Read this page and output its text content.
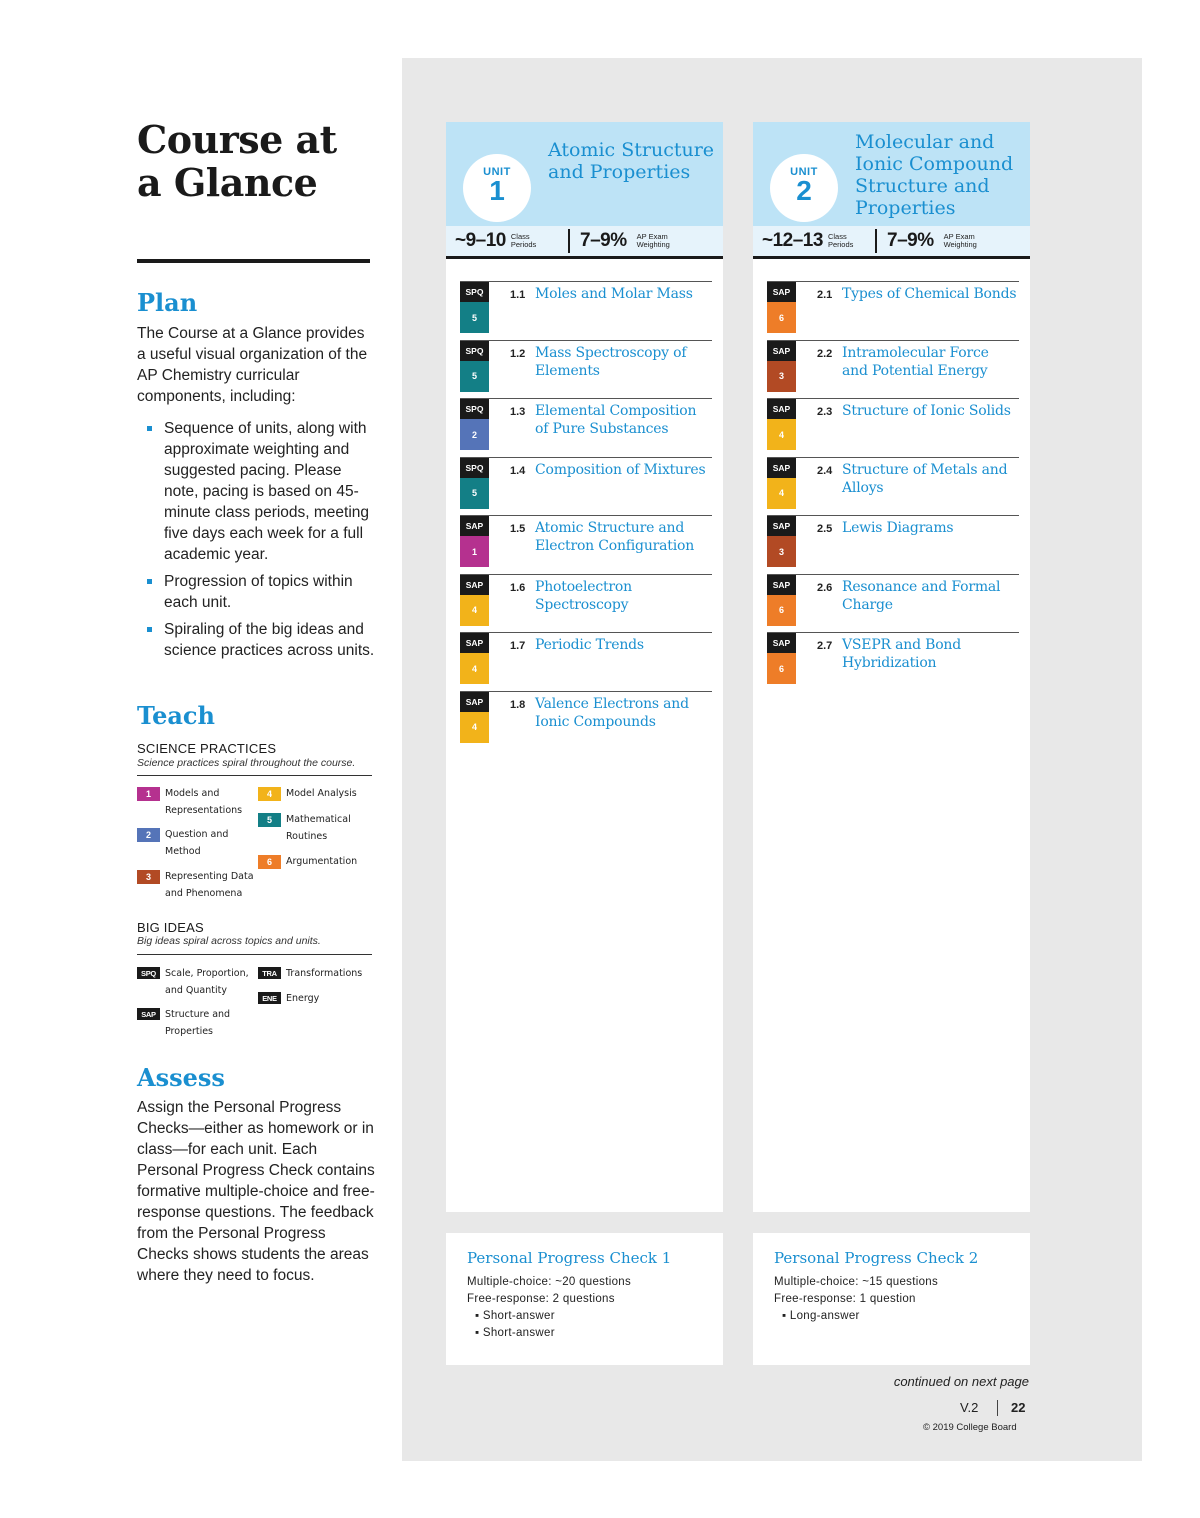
Course at
a Glance
Plan
The Course at a Glance provides a useful visual organization of the AP Chemistry curricular components, including:
Sequence of units, along with approximate weighting and suggested pacing. Please note, pacing is based on 45-minute class periods, meeting five days each week for a full academic year.
Progression of topics within each unit.
Spiraling of the big ideas and science practices across units.
Teach
SCIENCE PRACTICES
Science practices spiral throughout the course.
1	Models and Representations
2	Question and Method
3	Representing Data and Phenomena
4	Model Analysis
5	Mathematical Routines
6	Argumentation
BIG IDEAS
Big ideas spiral across topics and units.
SPQ Scale, Proportion, and Quantity
SAP Structure and Properties
TRA Transformations
ENE Energy
Assess
Assign the Personal Progress Checks—either as homework or in class—for each unit. Each Personal Progress Check contains formative multiple-choice and free-response questions. The feedback from the Personal Progress Checks shows students the areas where they need to focus.
UNIT
1
Atomic Structure and Properties
~9–10 Class Periods	7–9% AP Exam Weighting
SPQ
5
1.1 Moles and Molar Mass
SPQ
5
1.2 Mass Spectroscopy of Elements
SPQ
2
1.3 Elemental Composition of Pure Substances
SPQ
5
1.4 Composition of Mixtures
SAP
1
1.5 Atomic Structure and Electron Configuration
SAP
4
1.6 Photoelectron Spectroscopy
SAP
4
1.7 Periodic Trends
SAP
4
1.8 Valence Electrons and Ionic Compounds
Personal Progress Check 1
Multiple-choice: ~20 questions
Free-response: 2 questions
▪ Short-answer
▪ Short-answer
UNIT
2
Molecular and Ionic Compound Structure and Properties
~12–13 Class Periods	7–9% AP Exam Weighting
SAP
6
2.1 Types of Chemical Bonds
SAP
3
2.2 Intramolecular Force and Potential Energy
SAP
4
2.3 Structure of Ionic Solids
SAP
4
2.4 Structure of Metals and Alloys
SAP
3
2.5 Lewis Diagrams
SAP
6
2.6 Resonance and Formal Charge
SAP
6
2.7 VSEPR and Bond Hybridization
Personal Progress Check 2
Multiple-choice: ~15 questions
Free-response: 1 question
▪ Long-answer
continued on next page
V.2	22
© 2019 College Board
